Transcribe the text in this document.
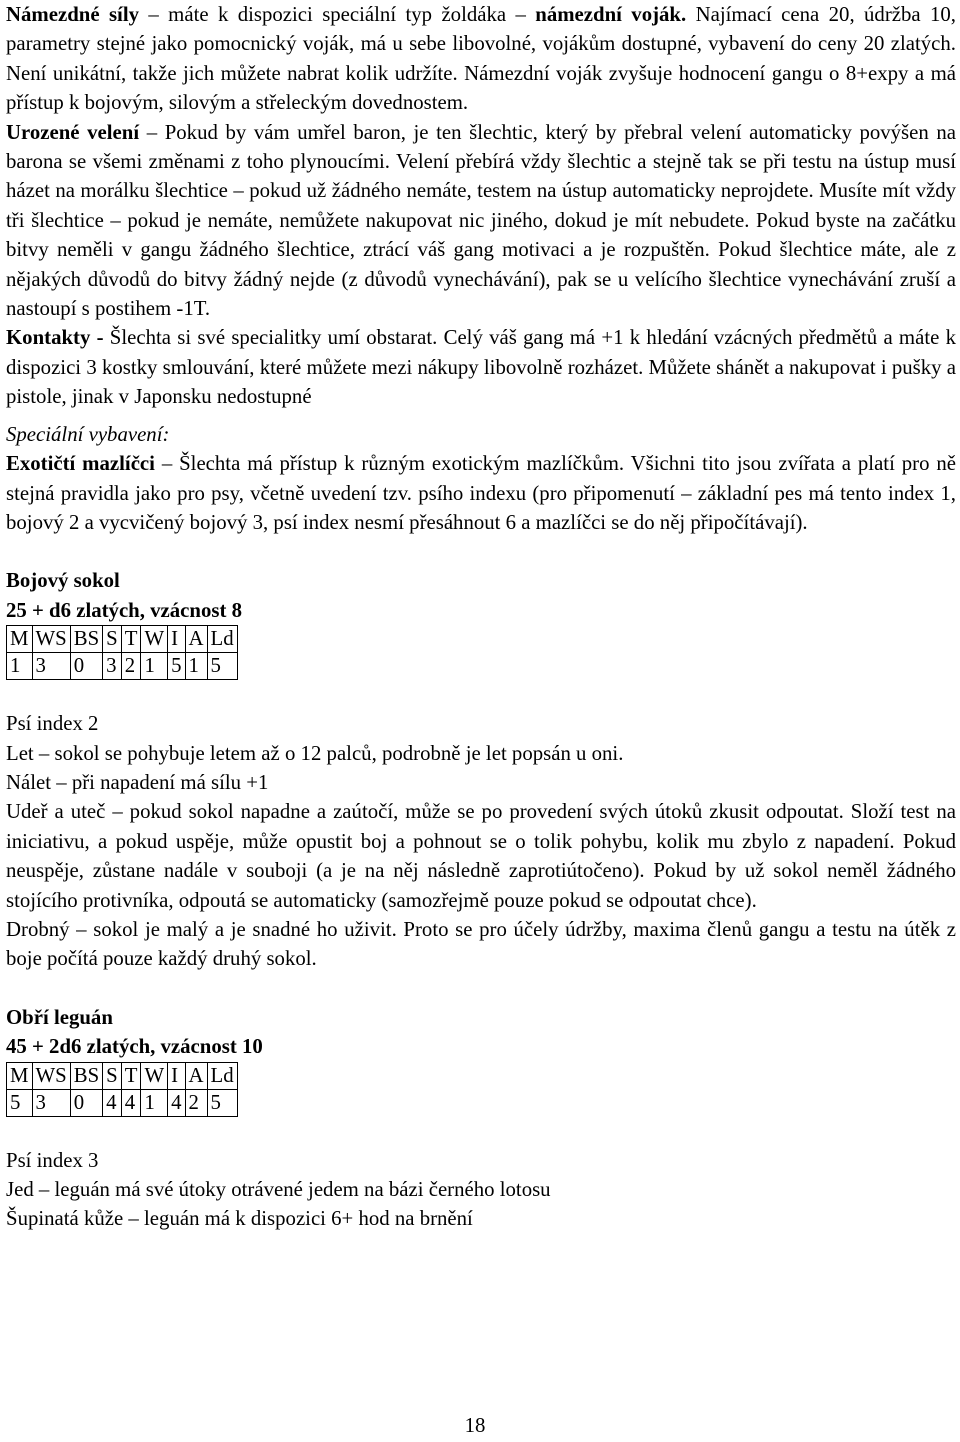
Námezdné síly – máte k dispozici speciální typ žoldáka – námezdní voják. Najímací cena 20, údržba 10, parametry stejné jako pomocnický voják, má u sebe libovolné, vojákům dostupné, vybavení do ceny 20 zlatých. Není unikátní, takže jich můžete nabrat kolik udržíte. Námezdní voják zvyšuje hodnocení gangu o 8+expy a má přístup k bojovým, silovým a střeleckým dovednostem.

Urozené velení – Pokud by vám umřel baron, je ten šlechtic, který by přebral velení automaticky povýšen na barona se všemi změnami z toho plynoucími. Velení přebírá vždy šlechtic a stejně tak se při testu na ústup musí házet na morálku šlechtice – pokud už žádného nemáte, testem na ústup automaticky neprojdete. Musíte mít vždy tři šlechtice – pokud je nemáte, nemůžete nakupovat nic jiného, dokud je mít nebudete. Pokud byste na začátku bitvy neměli v gangu žádného šlechtice, ztrácí váš gang motivaci a je rozpuštěn. Pokud šlechtice máte, ale z nějakých důvodů do bitvy žádný nejde (z důvodů vynechávání), pak se u velícího šlechtice vynechávání zruší a nastoupí s postihem -1T.

Kontakty - Šlechta si své specialitky umí obstarat. Celý váš gang má +1 k hledání vzácných předmětů a máte k dispozici 3 kostky smlouvání, které můžete mezi nákupy libovolně rozházet. Můžete shánět a nakupovat i pušky a pistole, jinak v Japonsku nedostupné

Speciální vybavení:

Exotičtí mazlíčci – Šlechta má přístup k různým exotickým mazlíčkům. Všichni tito jsou zvířata a platí pro ně stejná pravidla jako pro psy, včetně uvedení tzv. psího indexu (pro připomenutí – základní pes má tento index 1, bojový 2 a vycvičený bojový 3, psí index nesmí přesáhnout 6 a mazlíčci se do něj připočítávají).

Bojový sokol

25 + d6 zlatých, vzácnost 8

M	WS	BS	S	T	W	I	A	Ld
1	3	0	3	2	1	5	1	5

Psí index 2

Let – sokol se pohybuje letem až o 12 palců, podrobně je let popsán u oni.

Nálet – při napadení má sílu +1

Udeř a uteč – pokud sokol napadne a zaútočí, může se po provedení svých útoků zkusit odpoutat. Složí test na iniciativu, a pokud uspěje, může opustit boj a pohnout se o tolik pohybu, kolik mu zbylo z napadení. Pokud neuspěje, zůstane nadále v souboji (a je na něj následně zaprotiútočeno). Pokud by už sokol neměl žádného stojícího protivníka, odpoutá se automaticky (samozřejmě pouze pokud se odpoutat chce).

Drobný – sokol je malý a je snadné ho uživit. Proto se pro účely údržby, maxima členů gangu a testu na útěk z boje počítá pouze každý druhý sokol.

Obří leguán

45 + 2d6 zlatých, vzácnost 10

M	WS	BS	S	T	W	I	A	Ld
5	3	0	4	4	1	4	2	5

Psí index 3

Jed – leguán má své útoky otrávené jedem na bázi černého lotosu

Šupinatá kůže – leguán má k dispozici 6+ hod na brnění

18
